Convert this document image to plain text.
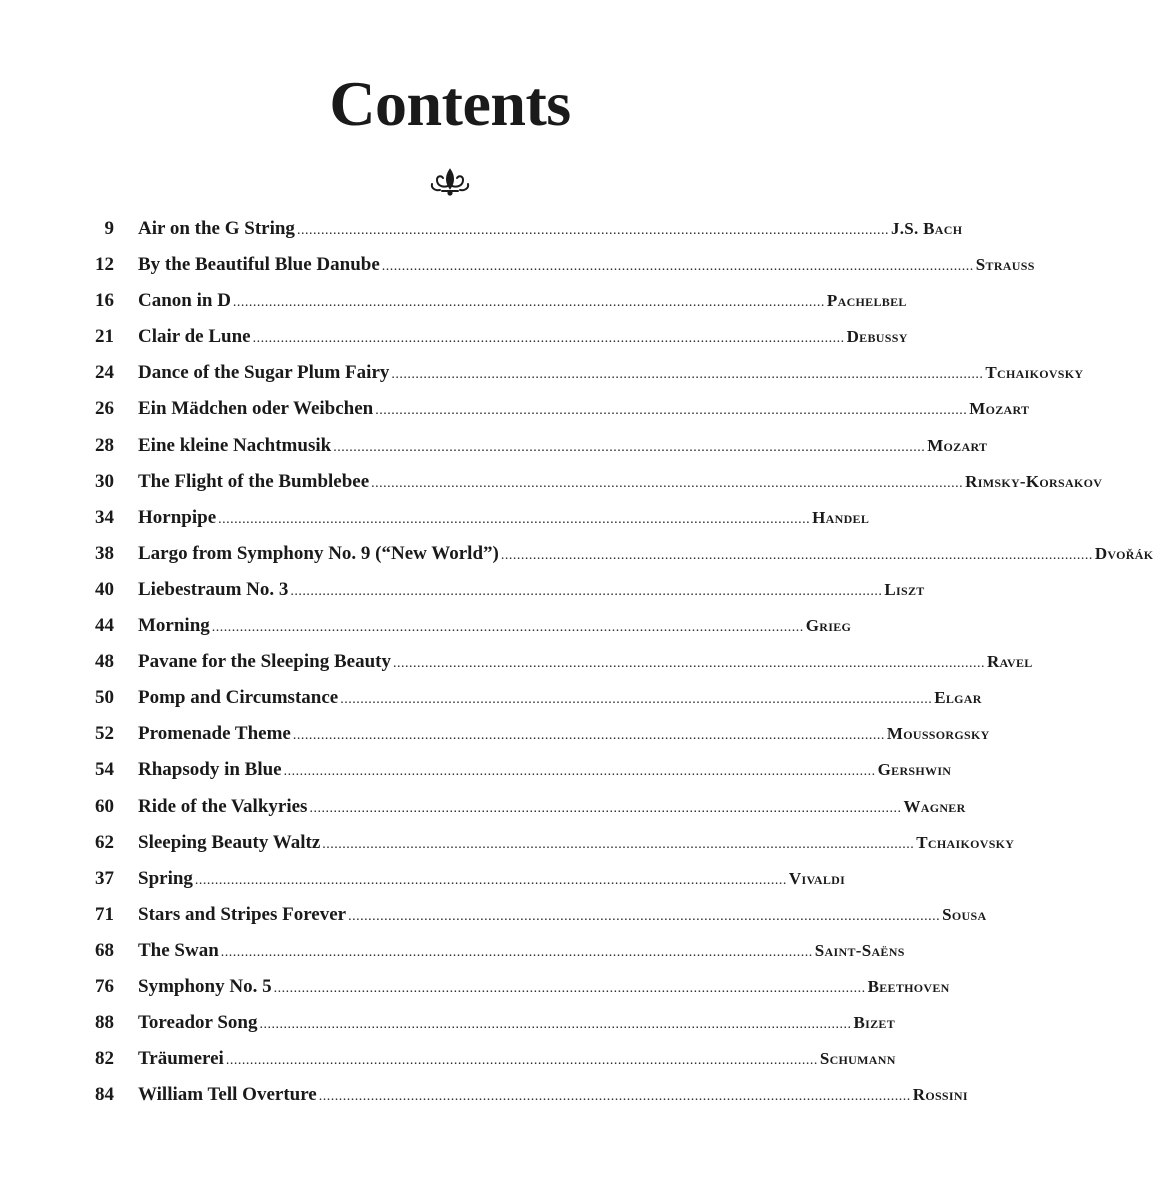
Contents
9	Air on the G String .................................................................................................................................................... J.S. Bach
12	By the Beautiful Blue Danube .................................................................................................................................................... Strauss
16	Canon in D .................................................................................................................................................... Pachelbel
21	Clair de Lune .................................................................................................................................................... Debussy
24	Dance of the Sugar Plum Fairy .................................................................................................................................................... Tchaikovsky
26	Ein Mädchen oder Weibchen .................................................................................................................................................... Mozart
28	Eine kleine Nachtmusik .................................................................................................................................................... Mozart
30	The Flight of the Bumblebee .................................................................................................................................................... Rimsky-Korsakov
34	Hornpipe .................................................................................................................................................... Handel
38	Largo from Symphony No. 9 (“New World”) .................................................................................................................................................... Dvořák
40	Liebestraum No. 3 .................................................................................................................................................... Liszt
44	Morning .................................................................................................................................................... Grieg
48	Pavane for the Sleeping Beauty .................................................................................................................................................... Ravel
50	Pomp and Circumstance .................................................................................................................................................... Elgar
52	Promenade Theme .................................................................................................................................................... Moussorgsky
54	Rhapsody in Blue .................................................................................................................................................... Gershwin
60	Ride of the Valkyries .................................................................................................................................................... Wagner
62	Sleeping Beauty Waltz .................................................................................................................................................... Tchaikovsky
37	Spring .................................................................................................................................................... Vivaldi
71	Stars and Stripes Forever .................................................................................................................................................... Sousa
68	The Swan .................................................................................................................................................... Saint-Saëns
76	Symphony No. 5 .................................................................................................................................................... Beethoven
88	Toreador Song .................................................................................................................................................... Bizet
82	Träumerei .................................................................................................................................................... Schumann
84	William Tell Overture .................................................................................................................................................... Rossini
